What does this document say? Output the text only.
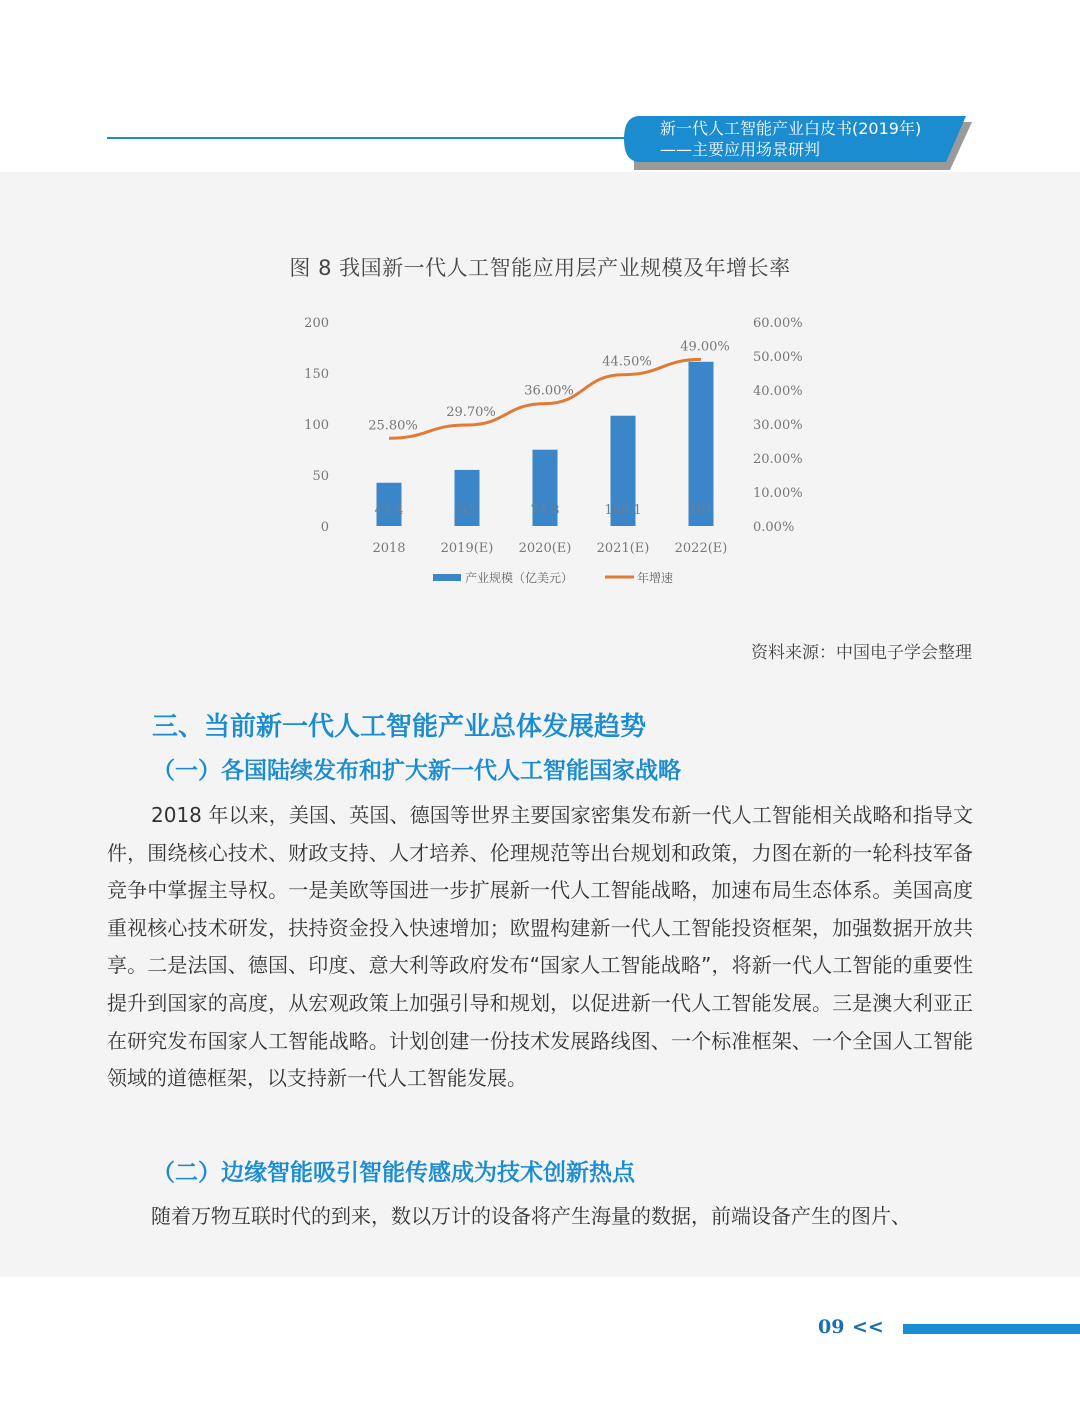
新一代人工智能产业白皮书(2019年)
——主要应用场景研判
图 8 我国新一代人工智能应用层产业规模及年增长率
0
50
100
150
200
0.00%
10.00%
20.00%
30.00%
40.00%
50.00%
60.00%
42.4	55	74.8	108.1	161
2018	2019(E) 2020(E) 2021(E) 2022(E)
25.80%
29.70%
36.00%
44.50%
49.00%
产业规模（亿美元）	年增速
资料来源：中国电子学会整理
三、当前新一代人工智能产业总体发展趋势
（一）各国陆续发布和扩大新一代人工智能国家战略
2018 年以来，美国、英国、德国等世界主要国家密集发布新一代人工智能相关战略和指导文件，围绕核心技术、财政支持、人才培养、伦理规范等出台规划和政策，力图在新的一轮科技军备竞争中掌握主导权。一是美欧等国进一步扩展新一代人工智能战略，加速布局生态体系。美国高度重视核心技术研发，扶持资金投入快速增加；欧盟构建新一代人工智能投资框架，加强数据开放共享。二是法国、德国、印度、意大利等政府发布“国家人工智能战略”，将新一代人工智能的重要性提升到国家的高度，从宏观政策上加强引导和规划，以促进新一代人工智能发展。三是澳大利亚正在研究发布国家人工智能战略。计划创建一份技术发展路线图、一个标准框架、一个全国人工智能领域的道德框架，以支持新一代人工智能发展。
（二）边缘智能吸引智能传感成为技术创新热点
随着万物互联时代的到来，数以万计的设备将产生海量的数据，前端设备产生的图片、
09 <<
